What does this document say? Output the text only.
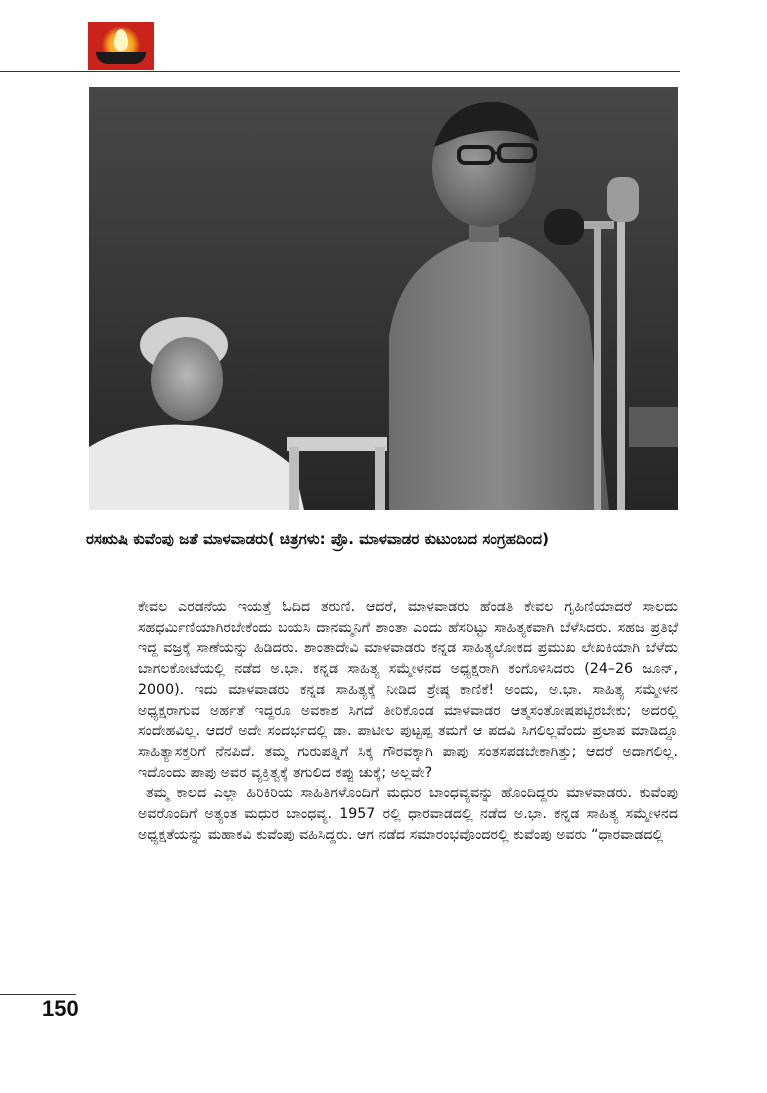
ರಸಋಷಿ ಕುವೆಂಪು ಜತೆ ಮಾಳವಾಡರು( ಚಿತ್ರಗಳು: ಪ್ರೊ. ಮಾಳವಾಡರ ಕುಟುಂಬದ ಸಂಗ್ರಹದಿಂದ)

ಕೇವಲ ಎರಡನೆಯ ಇಯತ್ತೆ ಓದಿದ ತರುಣಿ. ಆದರೆ, ಮಾಳವಾಡರು ಹೆಂಡತಿ ಕೇವಲ ಗೃಹಿಣಿಯಾದರೆ ಸಾಲದು ಸಹಧರ್ಮಿಣಿಯಾಗಿರಬೇಕೆಂದು ಬಯಸಿ ದಾನಮ್ಮನಿಗೆ ಶಾಂತಾ ಎಂದು ಹೆಸರಿಟ್ಟು ಸಾಹಿತ್ಯಕವಾಗಿ ಬೆಳೆಸಿದರು. ಸಹಜ ಪ್ರತಿಭೆ ಇದ್ದ ವಜ್ರಕ್ಕೆ ಸಾಣೆಯನ್ನು ಹಿಡಿದರು. ಶಾಂತಾದೇವಿ ಮಾಳವಾಡರು ಕನ್ನಡ ಸಾಹಿತ್ಯಲೋಕದ ಪ್ರಮುಖ ಲೇಖಕಿಯಾಗಿ ಬೆಳೆದು ಬಾಗಲಕೋಟೆಯಲ್ಲಿ ನಡೆದ ಅ.ಭಾ. ಕನ್ನಡ ಸಾಹಿತ್ಯ ಸಮ್ಮೇಳನದ ಅಧ್ಯಕ್ಷರಾಗಿ ಕಂಗೊಳಿಸಿದರು (24–26 ಜೂನ್, 2000). ಇದು ಮಾಳವಾಡರು ಕನ್ನಡ ಸಾಹಿತ್ಯಕ್ಕೆ ನೀಡಿದ ಶ್ರೇಷ್ಠ ಕಾಣಿಕೆ! ಅಂದು, ಅ.ಭಾ. ಸಾಹಿತ್ಯ ಸಮ್ಮೇಳನ ಅಧ್ಯಕ್ಷರಾಗುವ ಅರ್ಹತೆ ಇದ್ದರೂ ಅವಕಾಶ ಸಿಗದೆ ತೀರಿಕೊಂಡ ಮಾಳವಾಡರ ಆತ್ಮಸಂತೋಷಪಟ್ಟಿರಬೇಕು; ಅದರಲ್ಲಿ ಸಂದೇಹವಿಲ್ಲ. ಆದರೆ ಅದೇ ಸಂದರ್ಭದಲ್ಲಿ ಡಾ. ಪಾಟೀಲ ಪುಟ್ಟಪ್ಪ ತಮಗೆ ಆ ಪದವಿ ಸಿಗಲಿಲ್ಲವೆಂದು ಪ್ರಲಾಪ ಮಾಡಿದ್ದೂ ಸಾಹಿತ್ಯಾಸಕ್ತರಿಗೆ ನೆನಪಿದೆ. ತಮ್ಮ ಗುರುಪತ್ನಿಗೆ ಸಿಕ್ಕ ಗೌರವಕ್ಕಾಗಿ ಪಾಪು ಸಂತಸಪಡಬೇಕಾಗಿತ್ತು; ಆದರೆ ಅದಾಗಲಿಲ್ಲ. ಇದೊಂದು ಪಾಪು ಅವರ ವ್ಯಕ್ತಿತ್ವಕ್ಕೆ ತಗುಲಿದ ಕಪ್ಪು ಚುಕ್ಕೆ; ಅಲ್ಲವೇ?

ತಮ್ಮ ಕಾಲದ ಎಲ್ಲಾ ಹಿರಿಕಿರಿಯ ಸಾಹಿತಿಗಳೊಂದಿಗೆ ಮಧುರ ಬಾಂಧವ್ಯವನ್ನು ಹೊಂದಿದ್ದರು ಮಾಳವಾಡರು. ಕುವೆಂಪು ಅವರೊಂದಿಗೆ ಅತ್ಯಂತ ಮಧುರ ಬಾಂಧವ್ಯ. 1957 ರಲ್ಲಿ ಧಾರವಾಡದಲ್ಲಿ ನಡೆದ ಅ.ಭಾ. ಕನ್ನಡ ಸಾಹಿತ್ಯ ಸಮ್ಮೇಳನದ ಅಧ್ಯಕ್ಷತೆಯನ್ನು ಮಹಾಕವಿ ಕುವೆಂಪು ವಹಿಸಿದ್ದರು. ಆಗ ನಡೆದ ಸಮಾರಂಭವೊಂದರಲ್ಲಿ ಕುವೆಂಪು ಅವರು “ಧಾರವಾಡದಲ್ಲಿ

150
